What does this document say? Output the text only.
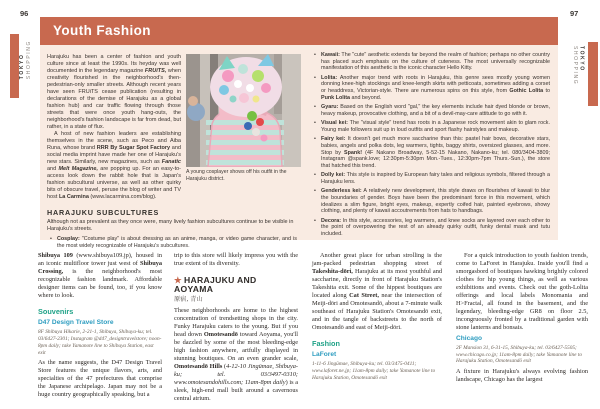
96	97
TOKYO SHOPPING	TOKYO
SHOPPING
Youth Fashion

Harajuku has been a center of fashion and youth culture since at least the 1990s. Its heyday was well documented in the legendary magazine FRUiTS, when creativity flourished in the neighborhood's then-pedestrian-only smaller streets. Although recent years have seen FRUiTS cease publication (resulting in declarations of the demise of Harajuku as a global fashion hub) and car traffic flowing through those streets that were once youth hang-outs, the neighborhood's fashion landscape is far from dead, but rather, in a state of flux.

A host of new fashion leaders are establishing themselves in the scene, such as Peco and Aiba Runa, whose brand RRR By Sugar Spot Factory and social media imprint have made her one of Harajuku's new stars. Similarly, new magazines, such as Fanatic and Melt Magazine, are popping up. For an easy-to-access look down the rabbit hole that is Japan's fashion subcultural universe, as well as other quirky bits of obscure travel, peruse the blog of writer and TV host La Carmina (www.lacarmina.com/blog).

A young cosplayer shows off his outfit in the Harajuku district.
HARAJUKU SUBCULTURES
Although not as prevalent as they once were, many lively fashion subcultures continue to be visible in Harajuku's streets.
• Cosplay: "Costume play" is about dressing as an anime, manga, or video game character, and is the most widely recognizable of Harajuku's subcultures.
• Kawaii: The "cute" aesthetic extends far beyond the realm of fashion; perhaps no other country has placed such emphasis on the culture of cuteness. The most universally recognizable manifestation of this aesthetic is the iconic character Hello Kitty.
• Lolita: Another major trend with roots in Harajuku, this genre sees mostly young women donning knee-high stockings and knee-length skirts with petticoats, sometimes adding a corset or headdress, Victorian-style. There are numerous spins on this style, from Gothic Lolita to Punk Lolita and beyond.
• Gyaru: Based on the English word "gal," the key elements include hair dyed blonde or brown, heavy makeup, provocative clothing, and a bit of a devil-may-care attitude to go with it.
• Visual kei: The "visual style" trend has roots in a Japanese rock movement akin to glam rock. Young male followers suit up in loud outfits and sport flashy hairstyles and makeup.
• Fairy kei: It doesn't get much more saccharine than this: pastel hair bows, decorative stars, babies, angels and polka dots, leg warmers, tights, baggy shirts, oversized glasses, and more. Stop by Spank! (4F Nakano Broadway, 5-52-15 Nakano, Nakano-ku; tel. 080/3404-3809; Instagram @spank.love; 12:30pm-5:30pm Mon.-Tues., 12:30pm-7pm Thurs.-Sun.), the store that hatched this trend.
• Dolly kei: This style is inspired by European fairy tales and religious symbols, filtered through a Harajuku lens.
• Genderless kei: A relatively new development, this style draws on flourishes of kawaii to blur the boundaries of gender. Boys have been the predominant force in this movement, which idealizes a slim figure, bright eyes, makeup, expertly coifed hair, painted eyebrows, showy clothing, and plenty of kawaii accoutrements from hats to handbags.
• Decora: In this style, accessories, leg warmers, and knee socks are layered over each other to the point of overpowering the rest of an already quirky outfit, funky dental mask and tutu included.

Shibuya 109 (www.shibuya109.jp), housed in an iconic multifloor tower just west of Shibuya Crossing, is the neighborhood's most recognizable fashion landmark. Affordable designer items can be found, too, if you know where to look.

Souvenirs
D47 Design Travel Store
8F Shibuya Hikarie, 2-21-1, Shibuya, Shibuya-ku; tel. 03/6427-2301; Instagram @d47_designtravelstore; noon-8pm daily; take Yamanote line to Shibuya Station, east exit

As the name suggests, the D47 Design Travel Store features the unique flavors, arts, and specialties of the 47 prefectures that comprise the Japanese archipelago. Japan may not be a huge country geographically speaking, but a

trip to this store will likely impress you with the true extent of its diversity.

★ HARAJUKU AND AOYAMA
原宿, 青山

These neighborhoods are home to the highest concentration of trendsetting shops in the city. Funky Harajuku caters to the young. But if you head down Omotesandō toward Aoyama, you'll be dazzled by some of the most bleeding-edge high fashion anywhere, artfully displayed in stunning boutiques. On an even grander scale, Omotesandō Hills (4-12-10 Jingūmae, Shibuya-ku; tel. 03/3497-0310; www.omotesandohills.com; 11am-8pm daily) is a sleek, high-end mall built around a cavernous central atrium.

Another great place for urban strolling is the jam-packed pedestrian shopping street of Takeshita-dōri, Harajuku at its most youthful and saccharine, directly in front of Harajuku Station's Takeshita exit. Some of the hippest boutiques are located along Cat Street, near the intersection of Meiji-dōri and Omotesandō, about a 7-minute walk southeast of Harajuku Station's Omotesandō exit, and in the tangle of backstreets to the north of Omotesandō and east of Meiji-dōri.

Fashion
LaForet
1-11-6 Jingūmae, Shibuya-ku; tel. 03/3475-0411; www.laforet.ne.jp; 11am-8pm daily; take Yamanote line to Harajuku Station, Omotesandō exit

For a quick introduction to youth fashion trends, come to LaForet in Harajuku. Inside you'll find a smorgasbord of boutiques hawking brightly colored clothes for hip young things, as well as various exhibitions and events. Check out the goth-Lolita offerings and local labels Monomania and H>Fractal, all found in the basement, and the legendary, bleeding-edge GR8 on floor 2.5, incongruously fronted by a traditional garden with stone lanterns and bonsais.

Chicago
2F Mansion 31, 6-31-15, Shibuya-ku; tel. 03/6427-5505; www.chicago.co.jp; 11am-8pm daily; take Yamanote line to Harajuku Station, Omotesandō exit

A fixture in Harajuku's always evolving fashion landscape, Chicago has the largest
